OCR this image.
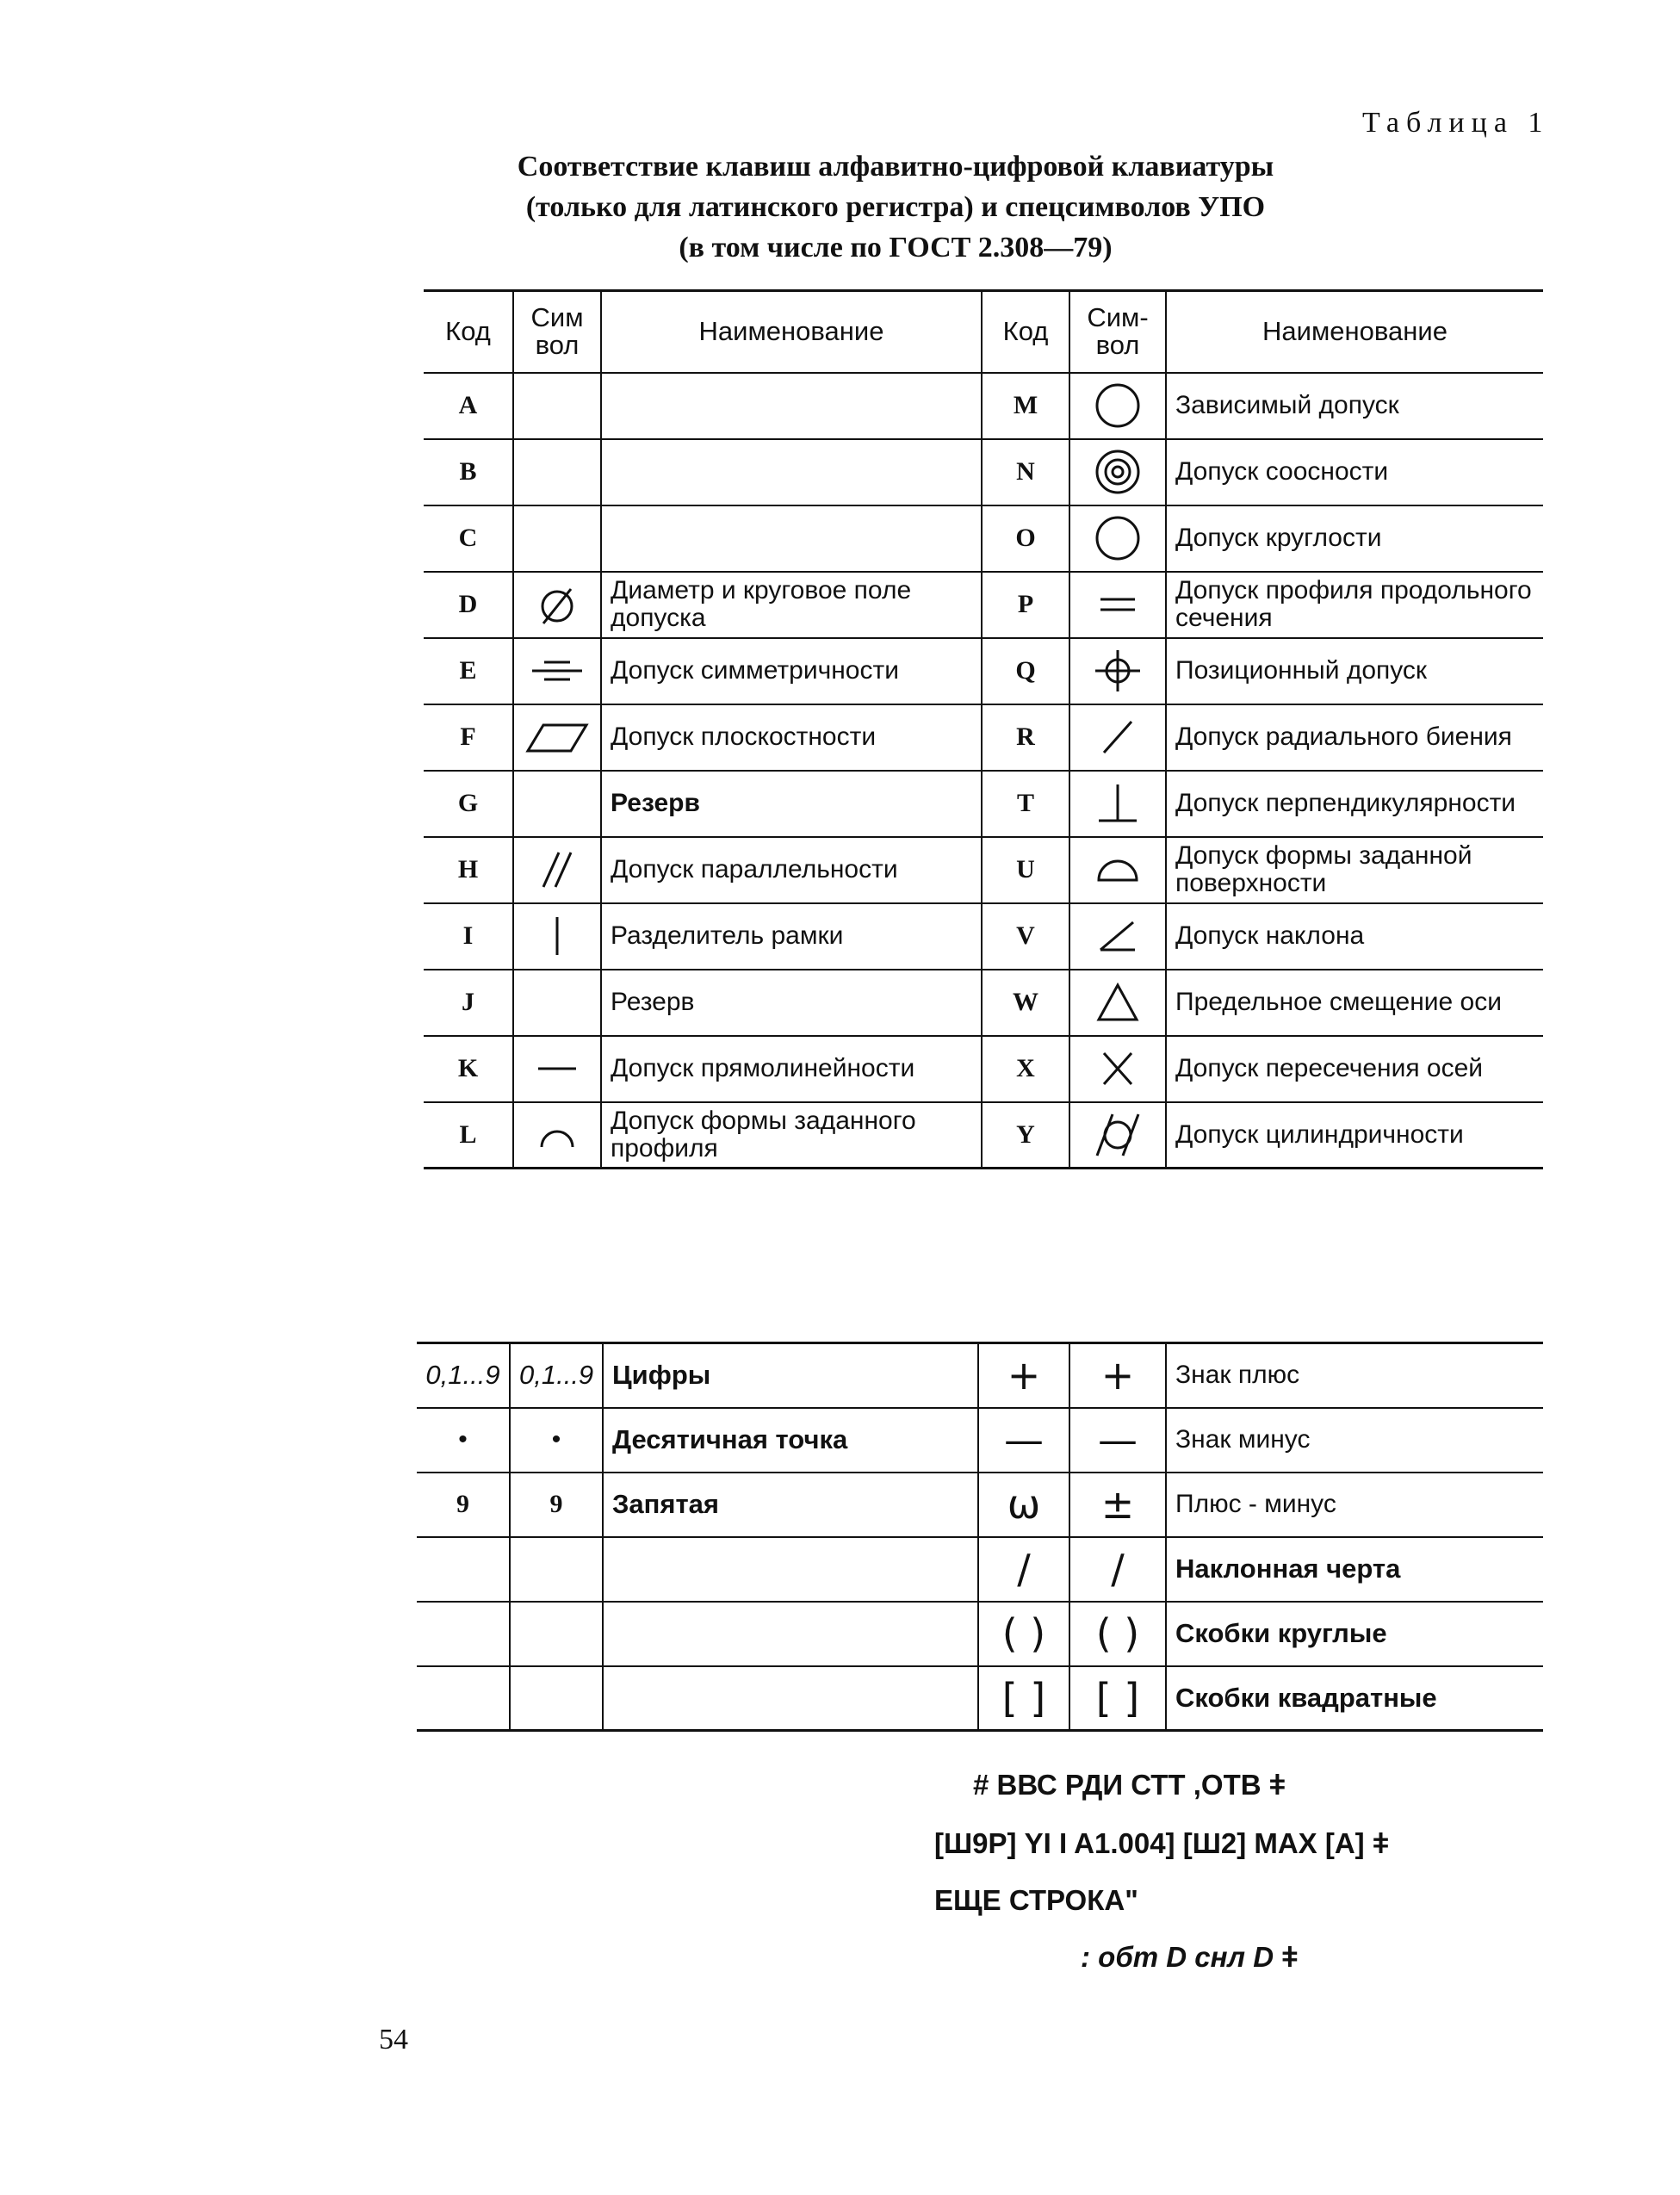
Таблица 1
Соответствие клавиш алфавитно-цифровой клавиатуры
(только для латинского регистра) и спецсимволов УПО
(в том числе по ГОСТ 2.308—79)
Код	Сим вол	Наименование	Код	Сим-вол	Наименование
A			M		Зависимый допуск
B			N		Допуск соосности
C			O		Допуск круглости
D		Диаметр и круговое поле допуска	P		Допуск профиля продольного сечения
E		Допуск симметричности	Q		Позиционный допуск
F		Допуск плоскостности	R		Допуск радиального биения
G		Резерв	T		Допуск перпендикулярности
H		Допуск параллельности	U		Допуск формы заданной поверхности
I		Разделитель рамки	V		Допуск наклона
J		Резерв	W		Предельное смещение оси
K		Допуск прямолинейности	X		Допуск пересечения осей
L		Допуск формы заданного профиля	Y		Допуск цилиндричности
0,1...9	0,1...9	Цифры	+	+	Знак плюс
•	•	Десятичная точка	—	—	Знак минус
9	9	Запятая	ω	±	Плюс - минус
			/	/	Наклонная черта
			( )	( )	Скобки круглые
			[ ]	[ ]	Скобки квадратные
# ВВС РДИ СТТ ,ОТВ ǂ
[Ш9Р] YI I A1.004] [Ш2] MAX [A] ǂ
ЕЩЕ СТРОКА"
: обт D снл D ǂ
54
